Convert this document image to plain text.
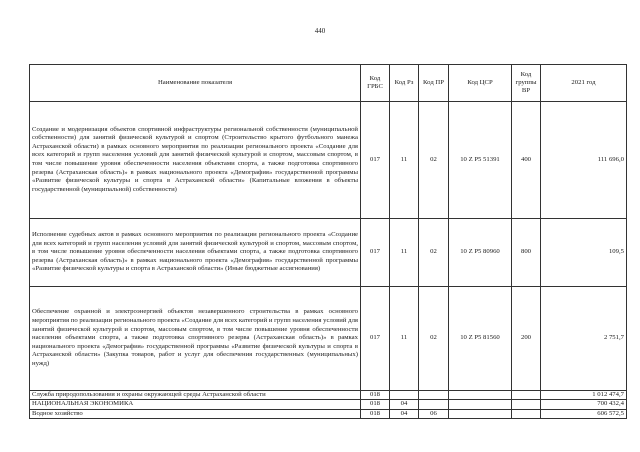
440
Наименование показателя	Код ГРБС	Код Рз	Код ПР	Код ЦСР	Код группы ВР	2021 год
Создание и модернизация объектов спортивной инфраструктуры региональной собственности (муниципальной собственности) для занятий физической культурой и спортом (Строительство крытого футбольного манежа Астраханской области) в рамках основного мероприятия по реализации регионального проекта «Создание для всех категорий и групп населения условий для занятий физической культурой и спортом, массовым спортом, в том числе повышение уровня обеспеченности населения объектами спорта, а также подготовка спортивного резерва (Астраханская область)» в рамках национального проекта «Демография» государственной программы «Развитие физической культуры и спорта в Астраханской области» (Капитальные вложения в объекты государственной (муниципальной) собственности)	017	11	02	10 Z P5 51391	400	111 696,0
Исполнение судебных актов в рамках основного мероприятия по реализации регионального проекта «Создание для всех категорий и групп населения условий для занятий физической культурой и спортом, массовым спортом, в том числе повышение уровня обеспеченности населения объектами спорта, а также подготовка спортивного резерва (Астраханская область)» в рамках национального проекта «Демография» государственной программы «Развитие физической культуры и спорта в Астраханской области» (Иные бюджетные ассигнования)	017	11	02	10 Z P5 80960	800	109,5
Обеспечение охранной и электроэнергией объектов незавершенного строительства в рамках основного мероприятия по реализации регионального проекта «Создание для всех категорий и групп населения условий для занятий физической культурой и спортом, массовым спортом, в том числе повышение уровня обеспеченности населения объектами спорта, а также подготовка спортивного резерва (Астраханская область)» в рамках национального проекта «Демография» государственной программы «Развитие физической культуры и спорта в Астраханской области» (Закупка товаров, работ и услуг для обеспечения государственных (муниципальных) нужд)	017	11	02	10 Z P5 81560	200	2 751,7
Служба природопользования и охраны окружающей среды Астраханской области	018					1 012 474,7
НАЦИОНАЛЬНАЯ ЭКОНОМИКА	018	04				700 432,4
Водное хозяйство	018	04	06			606 572,5
